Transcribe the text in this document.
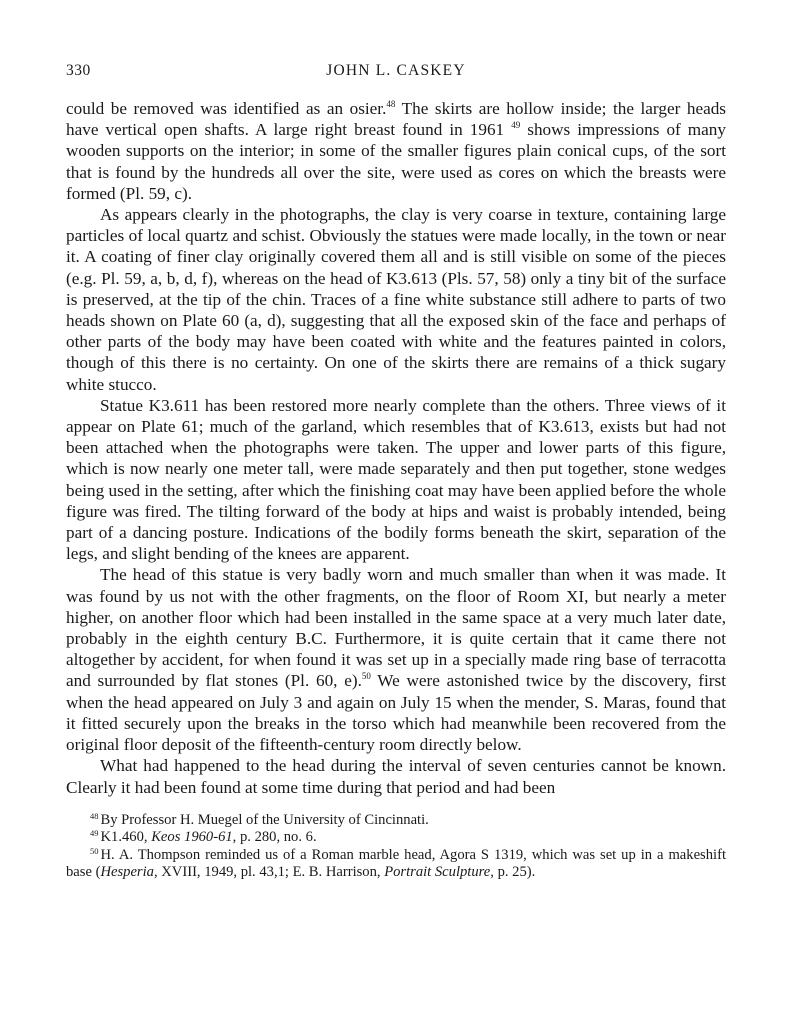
330	JOHN L. CASKEY

could be removed was identified as an osier.$^{48}$ The skirts are hollow inside; the larger heads have vertical open shafts. A large right breast found in 1961 $^{49}$ shows impressions of many wooden supports on the interior; in some of the smaller figures plain conical cups, of the sort that is found by the hundreds all over the site, were used as cores on which the breasts were formed (Pl. 59, c).

As appears clearly in the photographs, the clay is very coarse in texture, containing large particles of local quartz and schist. Obviously the statues were made locally, in the town or near it. A coating of finer clay originally covered them all and is still visible on some of the pieces (e.g. Pl. 59, a, b, d, f), whereas on the head of K3.613 (Pls. 57, 58) only a tiny bit of the surface is preserved, at the tip of the chin. Traces of a fine white substance still adhere to parts of two heads shown on Plate 60 (a, d), suggesting that all the exposed skin of the face and perhaps of other parts of the body may have been coated with white and the features painted in colors, though of this there is no certainty. On one of the skirts there are remains of a thick sugary white stucco.

Statue K3.611 has been restored more nearly complete than the others. Three views of it appear on Plate 61; much of the garland, which resembles that of K3.613, exists but had not been attached when the photographs were taken. The upper and lower parts of this figure, which is now nearly one meter tall, were made separately and then put together, stone wedges being used in the setting, after which the finishing coat may have been applied before the whole figure was fired. The tilting forward of the body at hips and waist is probably intended, being part of a dancing posture. Indications of the bodily forms beneath the skirt, separation of the legs, and slight bending of the knees are apparent.

The head of this statue is very badly worn and much smaller than when it was made. It was found by us not with the other fragments, on the floor of Room XI, but nearly a meter higher, on another floor which had been installed in the same space at a very much later date, probably in the eighth century B.C. Furthermore, it is quite certain that it came there not altogether by accident, for when found it was set up in a specially made ring base of terracotta and surrounded by flat stones (Pl. 60, e).$^{50}$ We were astonished twice by the discovery, first when the head appeared on July 3 and again on July 15 when the mender, S. Maras, found that it fitted securely upon the breaks in the torso which had meanwhile been recovered from the original floor deposit of the fifteenth-century room directly below.

What had happened to the head during the interval of seven centuries cannot be known. Clearly it had been found at some time during that period and had been

$^{48}$ By Professor H. Muegel of the University of Cincinnati.

$^{49}$ K1.460, Keos 1960-61, p. 280, no. 6.

$^{50}$ H. A. Thompson reminded us of a Roman marble head, Agora S 1319, which was set up in a makeshift base (Hesperia, XVIII, 1949, pl. 43,1; E. B. Harrison, Portrait Sculpture, p. 25).
